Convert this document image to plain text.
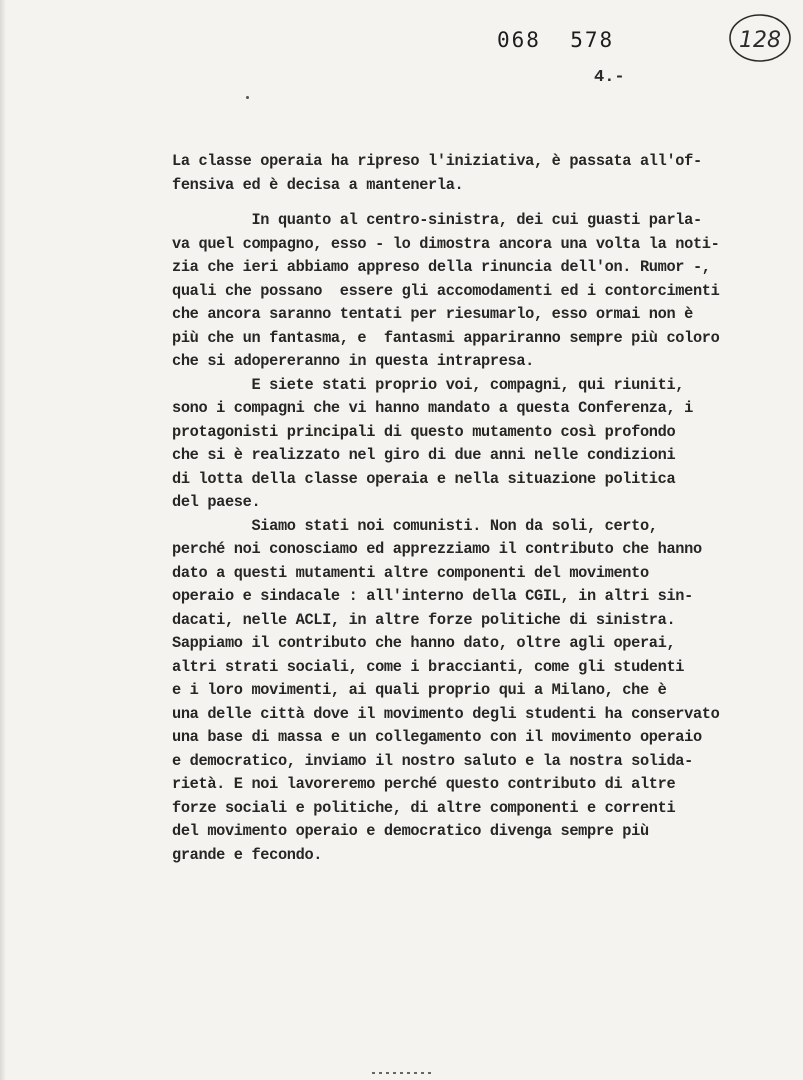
068  578	128
4.-
La classe operaia ha ripreso l'iniziativa, è passata all'of-
fensiva ed è decisa a mantenerla.
In quanto al centro-sinistra, dei cui guasti parla-
va quel compagno, esso - lo dimostra ancora una volta la noti-
zia che ieri abbiamo appreso della rinuncia dell'on. Rumor -,
quali che possano  essere gli accomodamenti ed i contorcimenti
che ancora saranno tentati per riesumarlo, esso ormai non è
più che un fantasma, e  fantasmi appariranno sempre più coloro
che si adopereranno in questa intrapresa.
E siete stati proprio voi, compagni, qui riuniti,
sono i compagni che vi hanno mandato a questa Conferenza, i
protagonisti principali di questo mutamento così profondo
che si è realizzato nel giro di due anni nelle condizioni
di lotta della classe operaia e nella situazione politica
del paese.
Siamo stati noi comunisti. Non da soli, certo,
perché noi conosciamo ed apprezziamo il contributo che hanno
dato a questi mutamenti altre componenti del movimento
operaio e sindacale : all'interno della CGIL, in altri sin-
dacati, nelle ACLI, in altre forze politiche di sinistra.
Sappiamo il contributo che hanno dato, oltre agli operai,
altri strati sociali, come i braccianti, come gli studenti
e i loro movimenti, ai quali proprio qui a Milano, che è
una delle città dove il movimento degli studenti ha conservato
una base di massa e un collegamento con il movimento operaio
e democratico, inviamo il nostro saluto e la nostra solida-
rietà. E noi lavoreremo perché questo contributo di altre
forze sociali e politiche, di altre componenti e correnti
del movimento operaio e democratico divenga sempre più
grande e fecondo.
